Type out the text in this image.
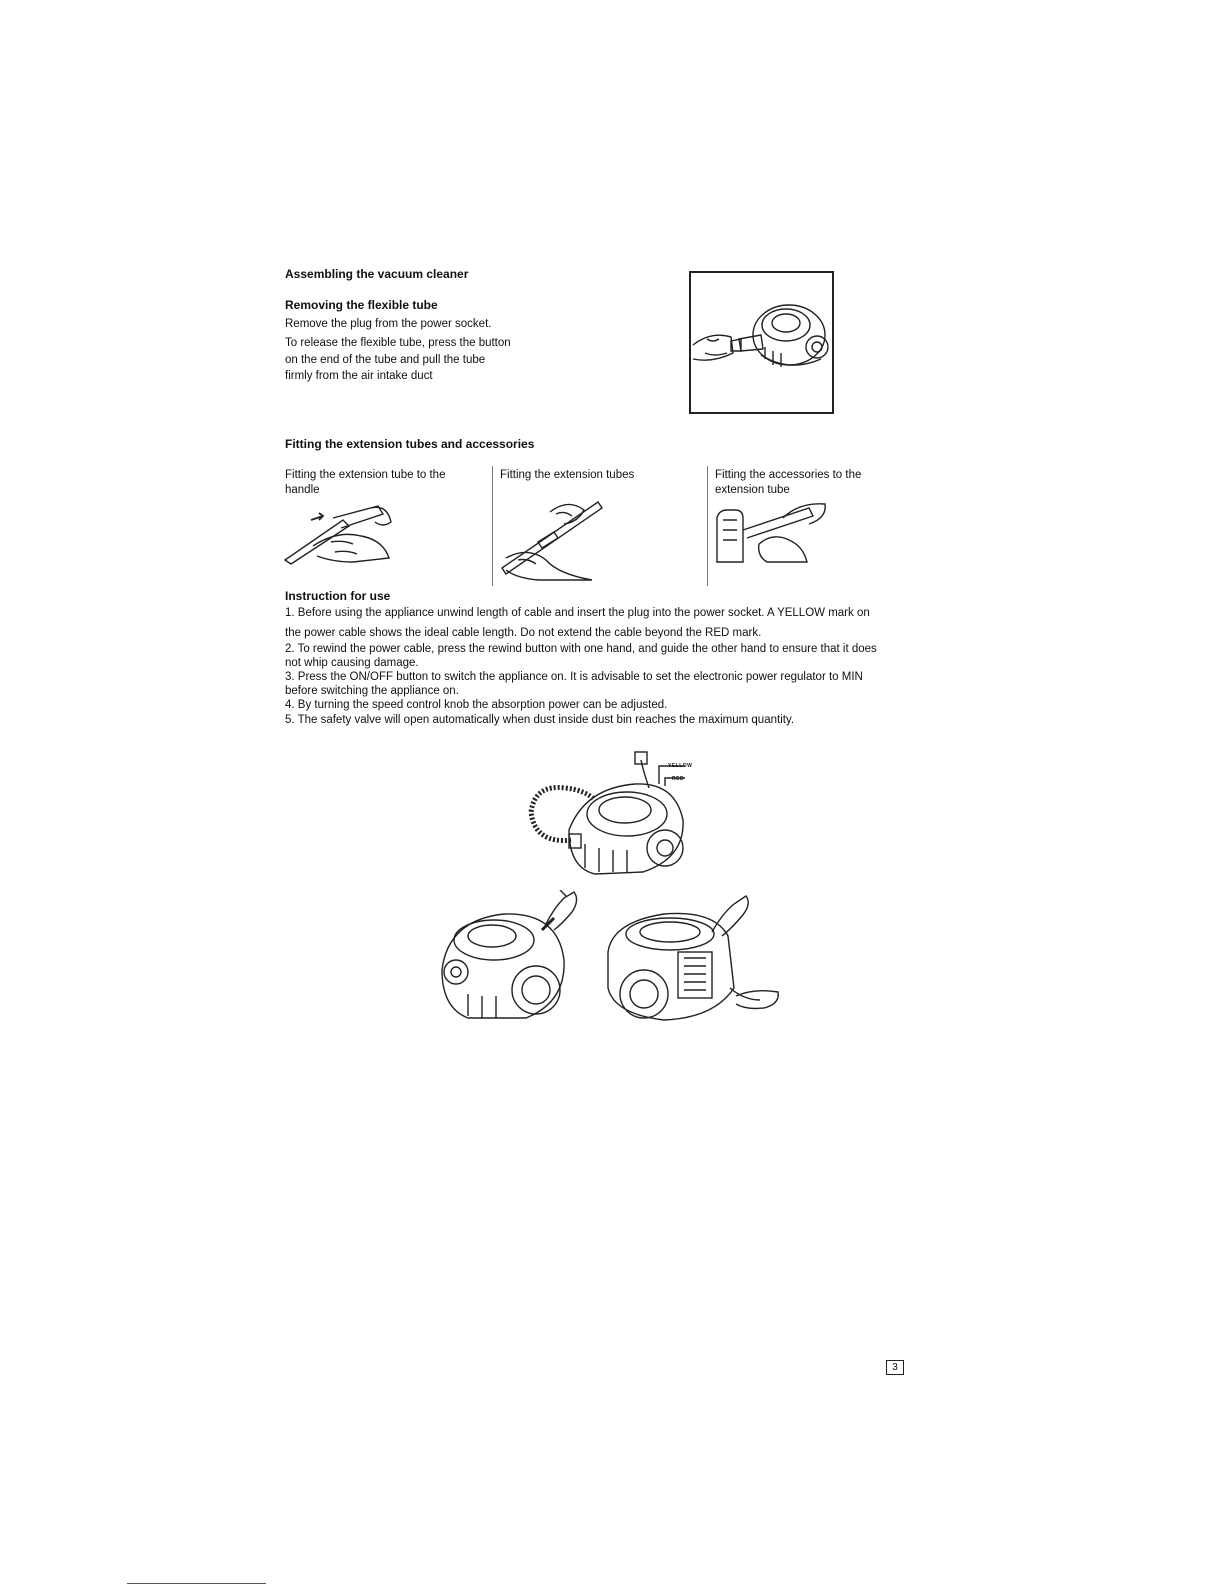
Assembling the vacuum cleaner
Removing the flexible tube
Remove the plug from the power socket.
To release the flexible tube, press the button
on the end of the tube and pull the tube
firmly from the air intake duct
Fitting the extension tubes and accessories
Fitting the extension tube to the
handle
Fitting the extension tubes	Fitting the accessories to the
extension tube
Instruction for use
1. Before using the appliance unwind length of cable and insert the plug into the power socket. A YELLOW mark on
the power cable shows the ideal cable length. Do not extend the cable beyond the RED mark.
2. To rewind the power cable, press the rewind button with one hand, and guide the other hand to ensure that it does
not whip causing damage.
3. Press the ON/OFF button to switch the appliance on. It is advisable to set the electronic power regulator to MIN
before switching the appliance on.
4. By turning the speed control knob the absorption power can be adjusted.
5. The safety valve will open automatically when dust inside dust bin reaches the maximum quantity.
YELLOW
RED
3
